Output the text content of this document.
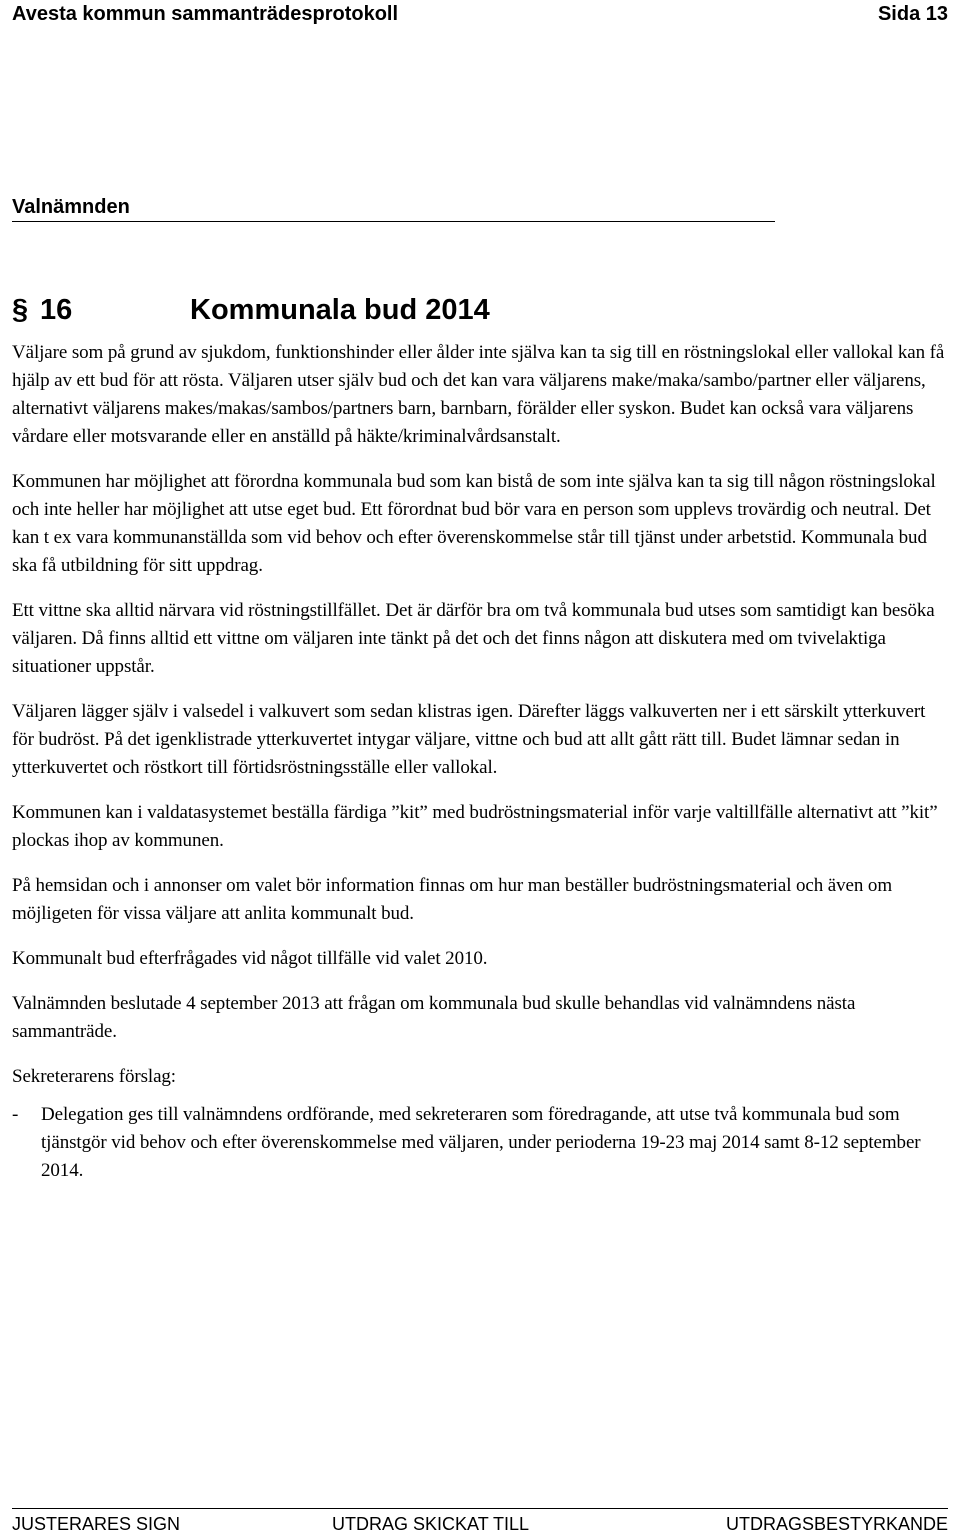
Avesta kommun sammanträdesprotokoll	Sida 13
Valnämnden
§ 16	Kommunala bud 2014

Väljare som på grund av sjukdom, funktionshinder eller ålder inte själva kan ta sig till en röstningslokal eller vallokal kan få hjälp av ett bud för att rösta. Väljaren utser själv bud och det kan vara väljarens make/maka/sambo/partner eller väljarens, alternativt väljarens makes/makas/sambos/partners barn, barnbarn, förälder eller syskon. Budet kan också vara väljarens vårdare eller motsvarande eller en anställd på häkte/kriminalvårdsanstalt.

Kommunen har möjlighet att förordna kommunala bud som kan bistå de som inte själva kan ta sig till någon röstningslokal och inte heller har möjlighet att utse eget bud. Ett förordnat bud bör vara en person som upplevs trovärdig och neutral. Det kan t ex vara kommunanställda som vid behov och efter överenskommelse står till tjänst under arbetstid. Kommunala bud ska få utbildning för sitt uppdrag.

Ett vittne ska alltid närvara vid röstningstillfället. Det är därför bra om två kommunala bud utses som samtidigt kan besöka väljaren. Då finns alltid ett vittne om väljaren inte tänkt på det och det finns någon att diskutera med om tvivelaktiga situationer uppstår.

Väljaren lägger själv i valsedel i valkuvert som sedan klistras igen. Därefter läggs valkuverten ner i ett särskilt ytterkuvert för budröst. På det igenklistrade ytterkuvertet intygar väljare, vittne och bud att allt gått rätt till. Budet lämnar sedan in ytterkuvertet och röstkort till förtidsröstningsställe eller vallokal.

Kommunen kan i valdatasystemet beställa färdiga ”kit” med budröstningsmaterial inför varje valtillfälle alternativt att ”kit” plockas ihop av kommunen.

På hemsidan och i annonser om valet bör information finnas om hur man beställer budröstningsmaterial och även om möjligeten för vissa väljare att anlita kommunalt bud.

Kommunalt bud efterfrågades vid något tillfälle vid valet 2010.

Valnämnden beslutade 4 september 2013 att frågan om kommunala bud skulle behandlas vid valnämndens nästa sammanträde.

Sekreterarens förslag:

-	Delegation ges till valnämndens ordförande, med sekreteraren som föredragande, att utse två kommunala bud som tjänstgör vid behov och efter överenskommelse med väljaren, under perioderna 19-23 maj 2014 samt 8-12 september 2014.
JUSTERARES SIGN	UTDRAG SKICKAT TILL	UTDRAGSBESTYRKANDE
